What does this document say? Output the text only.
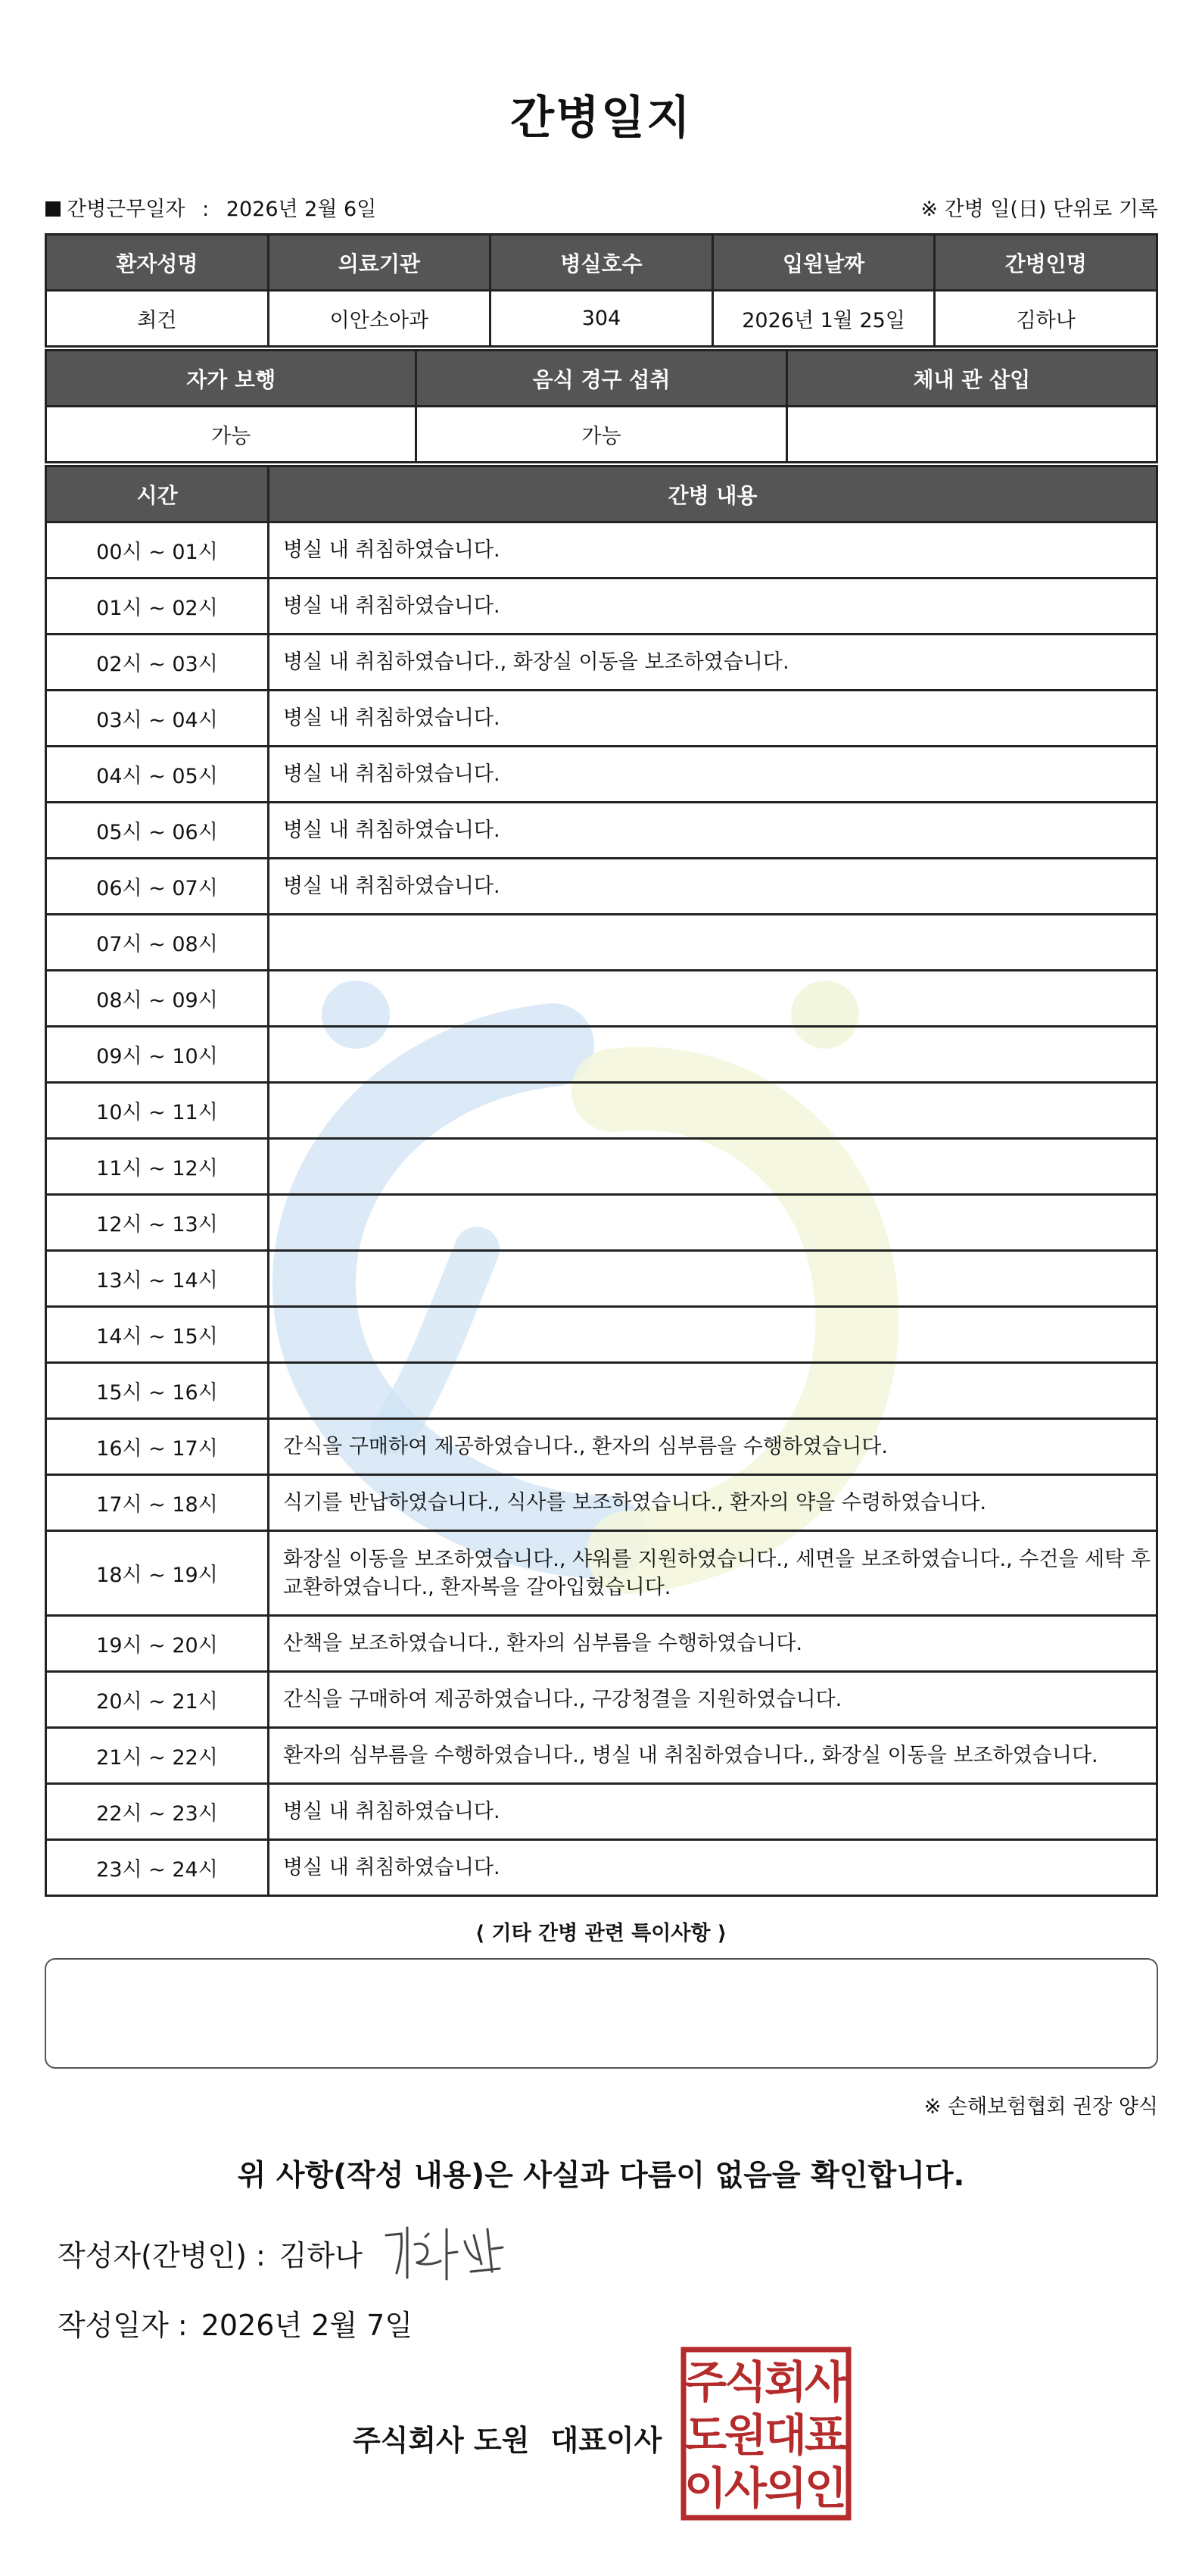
간병일지
간병근무일자 : 2026년 2월 6일	※ 간병 일(日) 단위로 기록
환자성명	의료기관	병실호수	입원날짜	간병인명
최건	이안소아과	304	2026년 1월 25일	김하나
자가 보행	음식 경구 섭취	체내 관 삽입
가능	가능	
시간	간병 내용
00시 ~ 01시	병실 내 취침하였습니다.
01시 ~ 02시	병실 내 취침하였습니다.
02시 ~ 03시	병실 내 취침하였습니다., 화장실 이동을 보조하였습니다.
03시 ~ 04시	병실 내 취침하였습니다.
04시 ~ 05시	병실 내 취침하였습니다.
05시 ~ 06시	병실 내 취침하였습니다.
06시 ~ 07시	병실 내 취침하였습니다.
07시 ~ 08시	
08시 ~ 09시	
09시 ~ 10시	
10시 ~ 11시	
11시 ~ 12시	
12시 ~ 13시	
13시 ~ 14시	
14시 ~ 15시	
15시 ~ 16시	
16시 ~ 17시	간식을 구매하여 제공하였습니다., 환자의 심부름을 수행하였습니다.
17시 ~ 18시	식기를 반납하였습니다., 식사를 보조하였습니다., 환자의 약을 수령하였습니다.
18시 ~ 19시	화장실 이동을 보조하였습니다., 샤워를 지원하였습니다., 세면을 보조하였습니다., 수건을 세탁 후 교환하였습니다., 환자복을 갈아입혔습니다.
19시 ~ 20시	산책을 보조하였습니다., 환자의 심부름을 수행하였습니다.
20시 ~ 21시	간식을 구매하여 제공하였습니다., 구강청결을 지원하였습니다.
21시 ~ 22시	환자의 심부름을 수행하였습니다., 병실 내 취침하였습니다., 화장실 이동을 보조하였습니다.
22시 ~ 23시	병실 내 취침하였습니다.
23시 ~ 24시	병실 내 취침하였습니다.
⟨ 기타 간병 관련 특이사항 ⟩
※ 손해보험협회 권장 양식
위 사항(작성 내용)은 사실과 다름이 없음을 확인합니다.
작성자(간병인) : 김하나
작성일자 : 2026년 2월 7일
주식회사 도원 대표이사
주
식
회
사
도
원
대
표
이
사
의
인
